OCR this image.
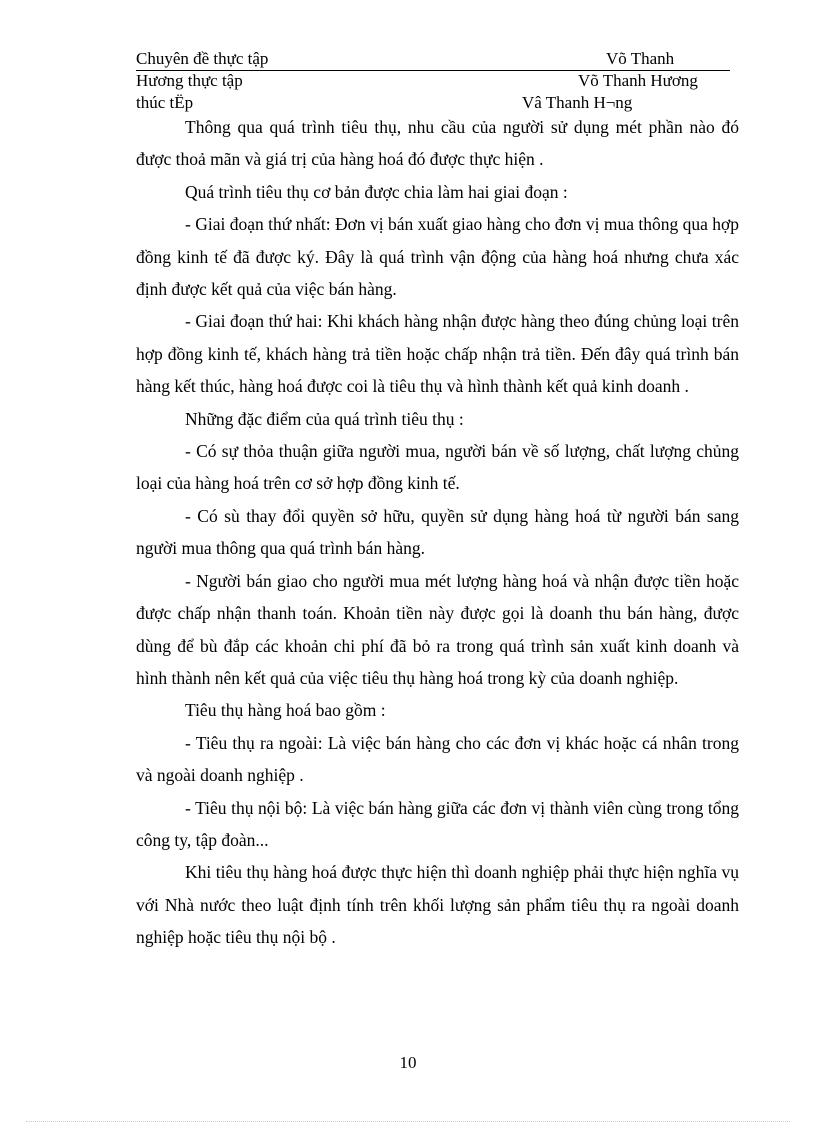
Chuyên đề thực tập	Võ Thanh
Hương thực tập	Võ Thanh Hương
thúc tËp	Vâ Thanh H¬ng

Thông qua quá trình tiêu thụ, nhu cầu của người sử dụng mét phần nào đó được thoả mãn và giá trị của hàng hoá đó được thực hiện .

Quá trình tiêu thụ cơ bản được chia làm hai giai đoạn :

- Giai đoạn thứ nhất: Đơn vị bán xuất giao hàng cho đơn vị mua thông qua hợp đồng kinh tế đã được ký. Đây là quá trình vận động của hàng hoá nhưng chưa xác định được kết quả của việc bán hàng.

- Giai đoạn thứ hai: Khi khách hàng nhận được hàng theo đúng chủng loại trên hợp đồng kinh tế, khách hàng trả tiền hoặc chấp nhận trả tiền. Đến đây quá trình bán hàng kết thúc, hàng hoá được coi là tiêu thụ và hình thành kết quả kinh doanh .

Những đặc điểm của quá trình tiêu thụ :

- Có sự thỏa thuận giữa người mua, người bán về số lượng, chất lượng chủng loại của hàng hoá trên cơ sở hợp đồng kinh tế.

- Có sù thay đổi quyền sở hữu, quyền sử dụng hàng hoá từ người bán sang người mua thông qua quá trình bán hàng.

- Người bán giao cho người mua mét lượng hàng hoá và nhận được tiền hoặc được chấp nhận thanh toán. Khoản tiền này được gọi là doanh thu bán hàng, được dùng để bù đắp các khoản chi phí đã bỏ ra trong quá trình sản xuất kinh doanh và hình thành nên kết quả của việc tiêu thụ hàng hoá trong kỳ của doanh nghiệp.

Tiêu thụ hàng hoá bao gồm :

- Tiêu thụ ra ngoài: Là việc bán hàng cho các đơn vị khác hoặc cá nhân trong và ngoài doanh nghiệp .

- Tiêu thụ nội bộ: Là việc bán hàng giữa các đơn vị thành viên cùng trong tổng công ty, tập đoàn...

Khi tiêu thụ hàng hoá được thực hiện thì doanh nghiệp phải thực hiện nghĩa vụ với Nhà nước theo luật định tính trên khối lượng sản phẩm tiêu thụ ra ngoài doanh nghiệp hoặc tiêu thụ nội bộ .

10
